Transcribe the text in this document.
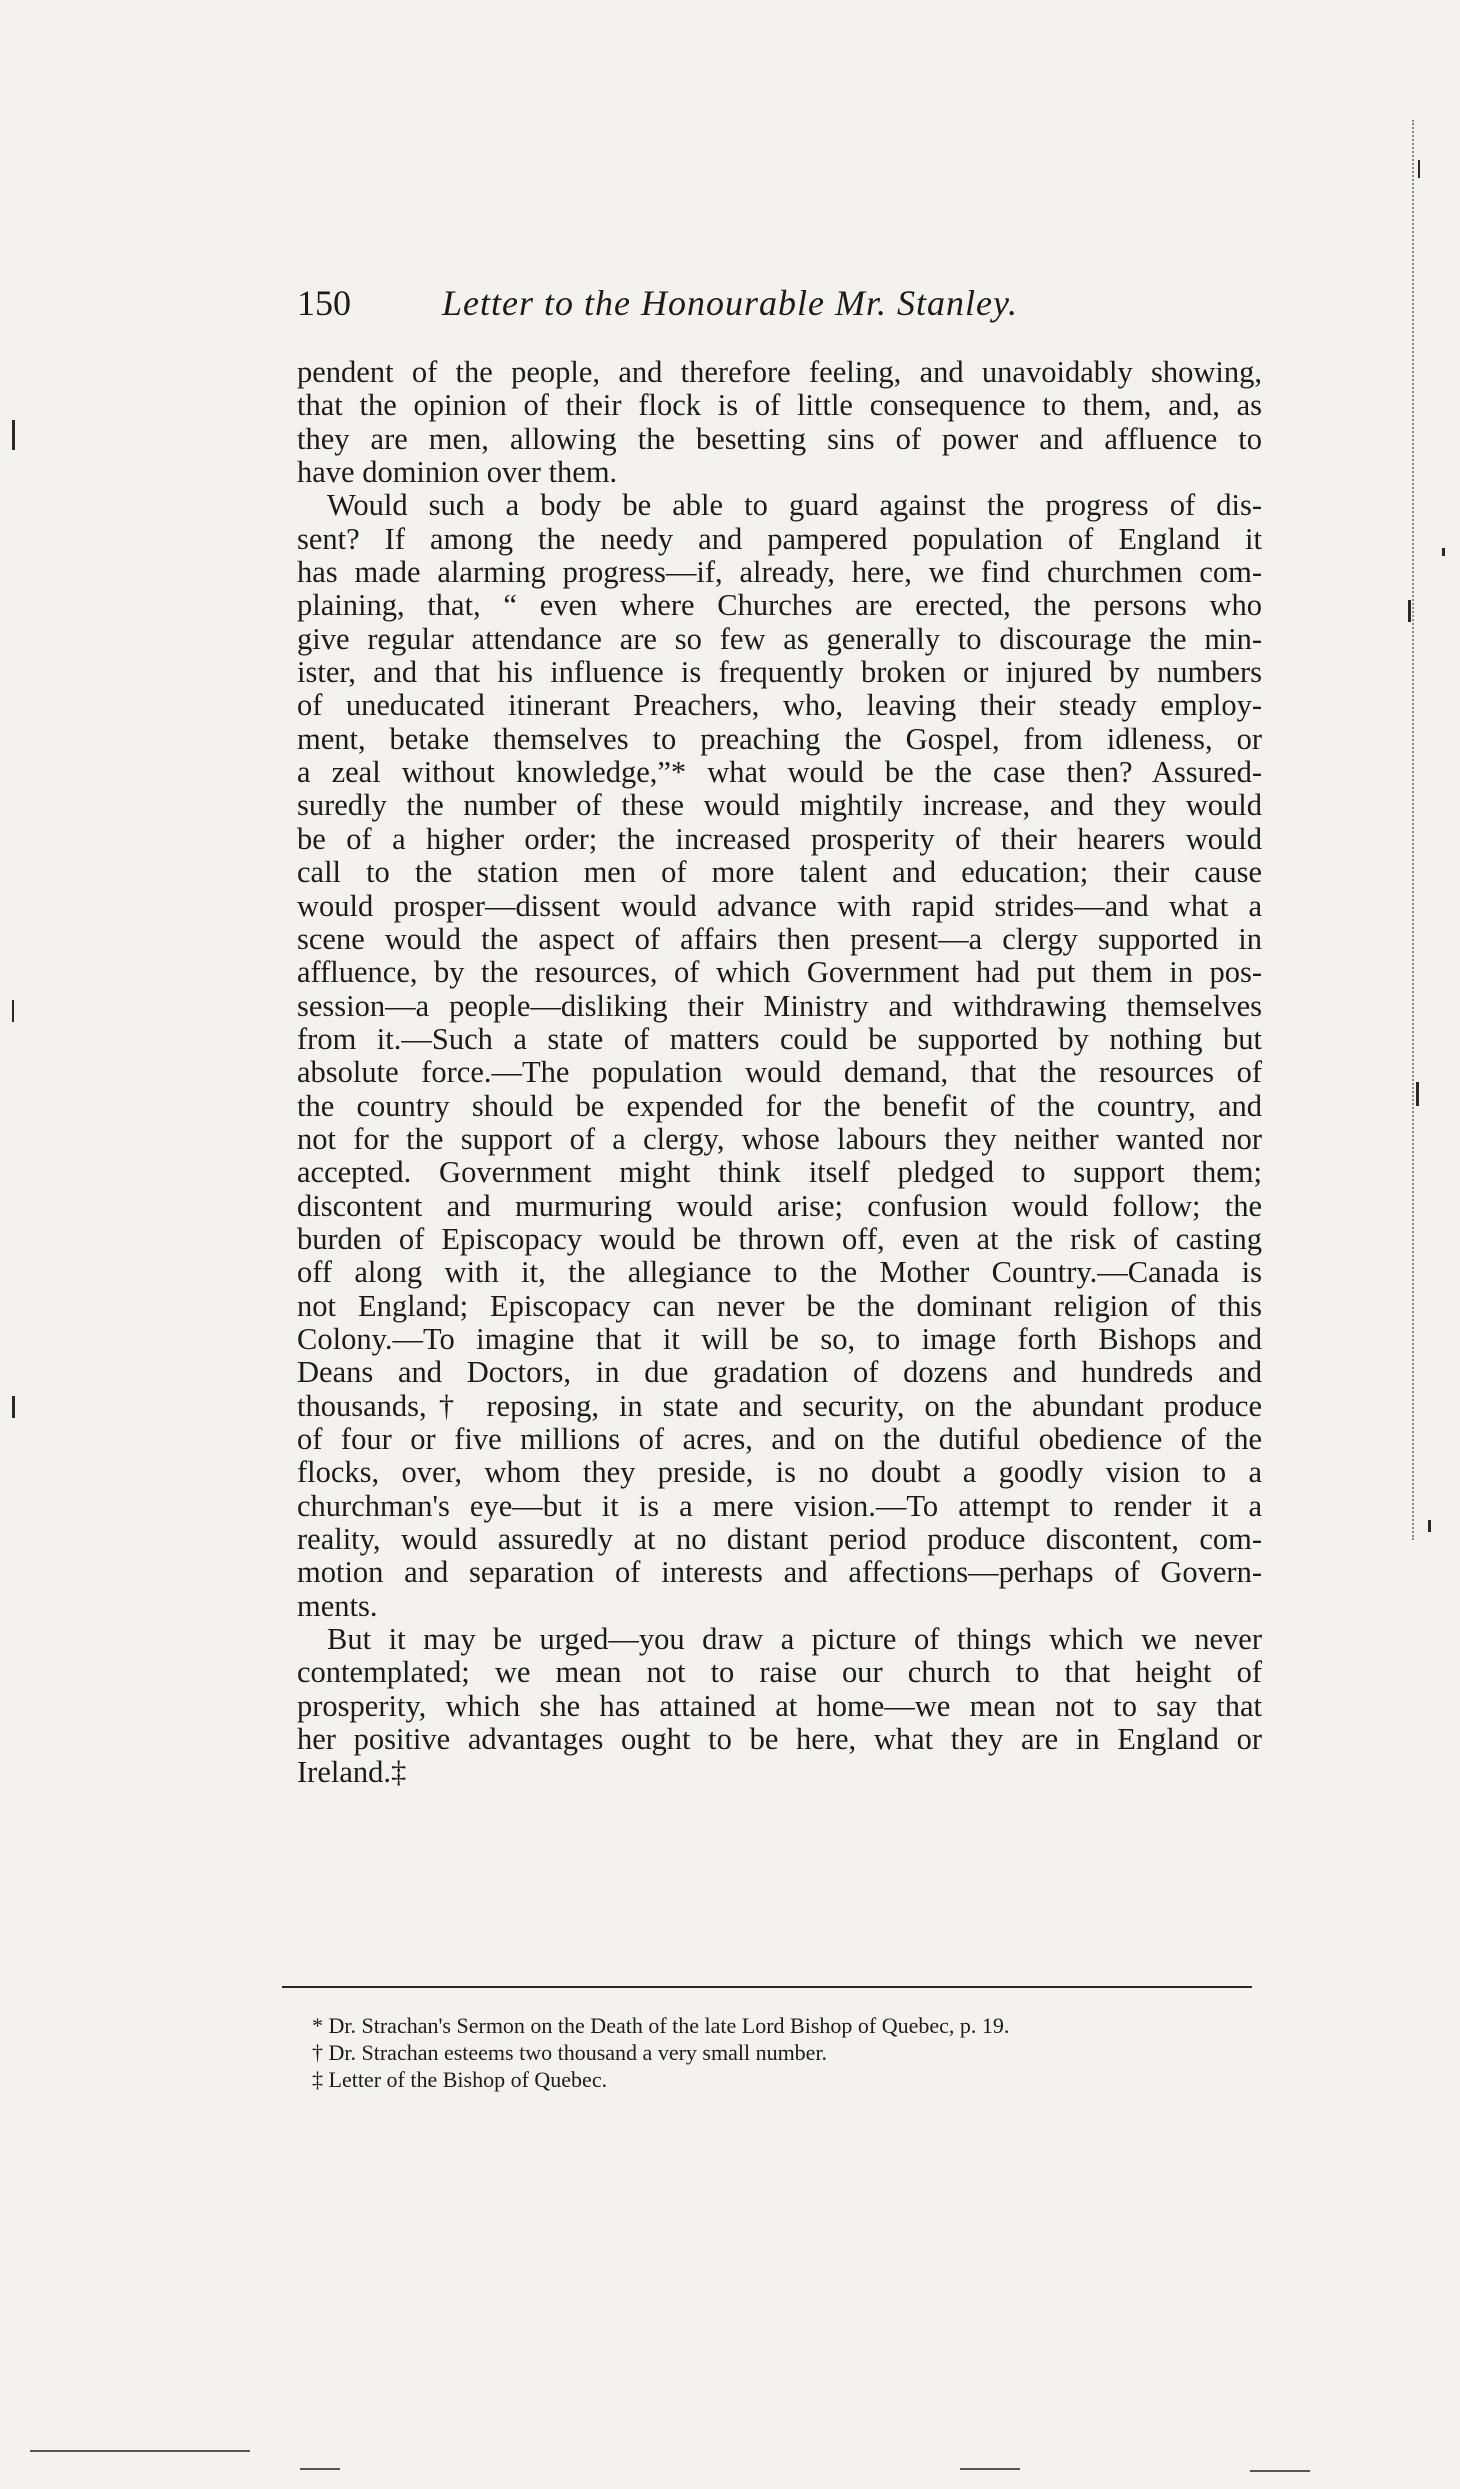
150	Letter to the Honourable Mr. Stanley.
pendent of the people, and therefore feeling, and unavoidably showing,
that the opinion of their flock is of little consequence to them, and, as
they are men, allowing the besetting sins of power and affluence to
have dominion over them.
Would such a body be able to guard against the progress of dis-
sent? If among the needy and pampered population of England it
has made alarming progress—if, already, here, we find churchmen com-
plaining, that, “ even where Churches are erected, the persons who
give regular attendance are so few as generally to discourage the min-
ister, and that his influence is frequently broken or injured by numbers
of uneducated itinerant Preachers, who, leaving their steady employ-
ment, betake themselves to preaching the Gospel, from idleness, or
a zeal without knowledge,”* what would be the case then? Assured-
suredly the number of these would mightily increase, and they would
be of a higher order; the increased prosperity of their hearers would
call to the station men of more talent and education; their cause
would prosper—dissent would advance with rapid strides—and what a
scene would the aspect of affairs then present—a clergy supported in
affluence, by the resources, of which Government had put them in pos-
session—a people—disliking their Ministry and withdrawing themselves
from it.—Such a state of matters could be supported by nothing but
absolute force.—The population would demand, that the resources of
the country should be expended for the benefit of the country, and
not for the support of a clergy, whose labours they neither wanted nor
accepted. Government might think itself pledged to support them;
discontent and murmuring would arise; confusion would follow; the
burden of Episcopacy would be thrown off, even at the risk of casting
off along with it, the allegiance to the Mother Country.—Canada is
not England; Episcopacy can never be the dominant religion of this
Colony.—To imagine that it will be so, to image forth Bishops and
Deans and Doctors, in due gradation of dozens and hundreds and
thousands,† reposing, in state and security, on the abundant produce
of four or five millions of acres, and on the dutiful obedience of the
flocks, over, whom they preside, is no doubt a goodly vision to a
churchman's eye—but it is a mere vision.—To attempt to render it a
reality, would assuredly at no distant period produce discontent, com-
motion and separation of interests and affections—perhaps of Govern-
ments.
But it may be urged—you draw a picture of things which we never
contemplated; we mean not to raise our church to that height of
prosperity, which she has attained at home—we mean not to say that
her positive advantages ought to be here, what they are in England or
Ireland.‡
* Dr. Strachan's Sermon on the Death of the late Lord Bishop of Quebec, p. 19.
† Dr. Strachan esteems two thousand a very small number.
‡ Letter of the Bishop of Quebec.
